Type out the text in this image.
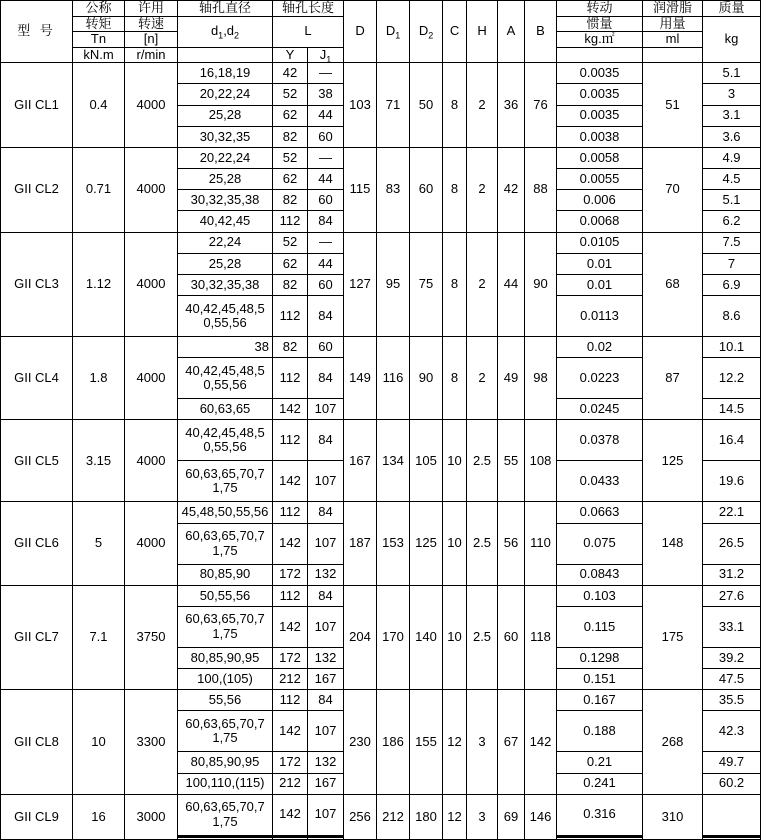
型 号	公称	许用	轴孔直径	轴孔长度		D	$D_1$	$D_2$	C	H	A	B	转动	润滑脂	质量
	转矩	转速	$d_1,d_2$	L									惯量	用量	kg
	Tn	[n]											kg.㎡	ml	
	kN.m	r/min		Y	$J_1$		
GII CL1	0.4	4000	16,18,19	42	—	103	71	50	8	2	36	76	0.0035	51	5.1
			20,22,24	52	38								0.0035		3
			25,28	62	44								0.0035		3.1
			30,32,35	82	60								0.0038		3.6
GII CL2	0.71	4000	20,22,24	52	—	115	83	60	8	2	42	88	0.0058	70	4.9
			25,28	62	44								0.0055		4.5
			30,32,35,38	82	60								0.006		5.1
			40,42,45	112	84								0.0068		6.2
GII CL3	1.12	4000	22,24	52	—	127	95	75	8	2	44	90	0.0105	68	7.5
			25,28	62	44								0.01		7
			30,32,35,38	82	60								0.01		6.9
			40,42,45,48,50,55,56	112	84								0.0113		8.6
GII CL4	1.8	4000	38	82	60	149	116	90	8	2	49	98	0.02	87	10.1
			40,42,45,48,50,55,56	112	84								0.0223		12.2
			60,63,65	142	107								0.0245		14.5
GII CL5	3.15	4000	40,42,45,48,50,55,56	112	84	167	134	105	10	2.5	55	108	0.0378	125	16.4
			60,63,65,70,71,75	142	107								0.0433		19.6
GII CL6	5	4000	45,48,50,55,56	112	84	187	153	125	10	2.5	56	110	0.0663	148	22.1
			60,63,65,70,71,75	142	107								0.075		26.5
			80,85,90	172	132								0.0843		31.2
GII CL7	7.1	3750	50,55,56	112	84	204	170	140	10	2.5	60	118	0.103	175	27.6
			60,63,65,70,71,75	142	107								0.115		33.1
			80,85,90,95	172	132								0.1298		39.2
			100,(105)	212	167								0.151		47.5
GII CL8	10	3300	55,56	112	84	230	186	155	12	3	67	142	0.167	268	35.5
			60,63,65,70,71,75	142	107								0.188		42.3
			80,85,90,95	172	132								0.21		49.7
			100,110,(115)	212	167								0.241		60.2
GII CL9	16	3000	60,63,65,70,71,75	142	107	256	212	180	12	3	69	146	0.316	310	
